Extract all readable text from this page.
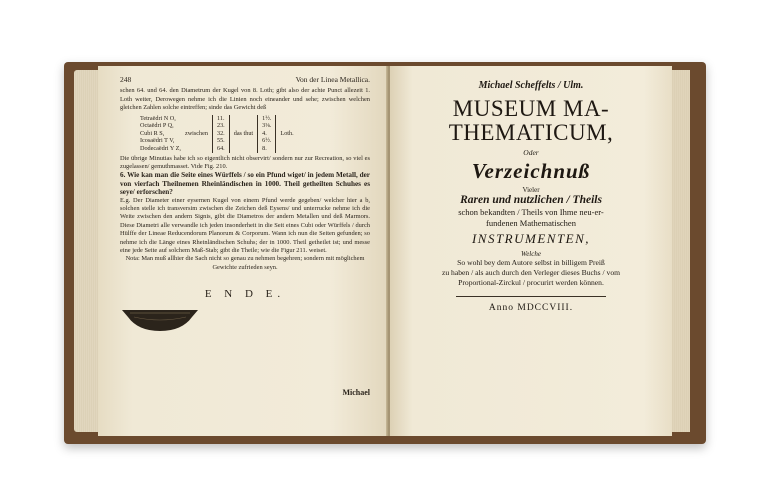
248	Von der Linea Metallica.

schen 64. und 64. den Diametrum der Kugel von 8. Loth; gibt also der achte Punct allezeit 1. Loth weiter, Derowegen nehme ich die Linien noch eineander und sehe; zwischen welchen gleichen Zahlen solche eintreffen; sinde das Gewicht deß

Tetraëdri N O,
Octaëdri P Q,
Cubi R S,
Icosaëdri T V,
Dodecaëdri Y Z,
zwischen
11.
23.
32.
55.
64.
das thut
1½.
3⅛.
4.
6½.
8.
Loth.

Die übrige Minutias habe ich so eigentlich nicht observirt/ sondern nur zur Recreation, so viel es zugelassen/ gemuthmasset. Vide Fig. 210.

6. Wie kan man die Seite eines Würffels / so ein Pfund wiget/ in jedem Metall, der von vierfach Theilnemen Rheinländischen in 1000. Theil getheilten Schuhes es seye/ erforschen?

E.g. Der Diameter einer eysernen Kugel von einem Pfund werde gegeben/ welcher hier a b, solchen stelle ich transversim zwischen die Zeichen deß Eysens/ und unterrucke nehme ich die Weite zwischen den andern Signis, gibt die Diametros der andern Metallen und deß Marmors. Diese Diametri alle verwandle ich jeden insonderheit in die Seit eines Cubi oder Würffels / durch Hülffe der Lineae Reducendorum Planorum & Corporum. Wann ich nun die Seiten gefunden; so nehme ich die Länge eines Rheinländischen Schuhs; der in 1000. Theil getheilet ist; und messe eine jede Seite auf solchem Maß-Stab; gibt die Theile; wie die Figur 211. weiset.

Nota: Man muß allhier die Sach nicht so genau zu nehmen begehren; sondern mit möglichem Gewichte zufrieden seyn.

E N D E.
Michael
Michael Scheffelts / Ulm.
MUSEUM MA-
THEMATICUM,
Oder
Verzeichnuß
Vieler
Raren und nutzlichen / Theils
schon bekandten / Theils von Ihme neu-er-
fundenen Mathematischen
INSTRUMENTEN,
Welche
So wohl bey dem Autore selbst in billigem Preiß
zu haben / als auch durch den Verleger dieses Buchs / vom
Proportional-Zirckul / procurirt werden können.
Anno MDCCVIII.
